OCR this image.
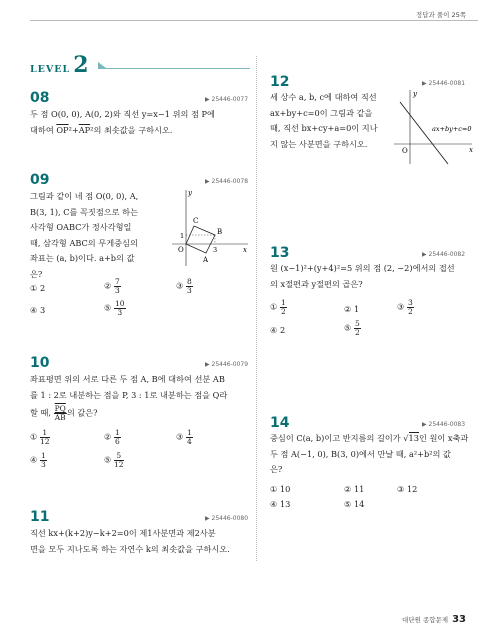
정답과 풀이 25쪽
LEVEL 2
08	▶ 25446-0077
두 점 O(0, 0), A(0, 2)와 직선 y=x−1 위의 점 P에
대하여 $\overline{OP}^2+\overline{AP}^2$의 최솟값을 구하시오.
09	▶ 25446-0078
그림과 같이 네 점 O(0, 0), A,
B(3, 1), C를 꼭짓점으로 하는
사각형 OABC가 정사각형일
때, 삼각형 ABC의 무게중심의
좌표는 (a, b)이다. a+b의 값
은?
y
x
O
A
B
C
1
3
① 2	② $\frac{7}{3}$	③ $\frac{8}{3}$
④ 3	⑤ $\frac{10}{3}$
10	▶ 25446-0079
좌표평면 위의 서로 다른 두 점 A, B에 대하여 선분 AB
를 1 : 2로 내분하는 점을 P, 3 : 1로 내분하는 점을 Q라
할 때, $\frac{\overline{PQ}}{AB}$ 의 값은?
① $\frac{1}{12}$	② $\frac{1}{6}$	③ $\frac{1}{4}$
④ $\frac{1}{3}$	⑤ $\frac{5}{12}$
11	▶ 25446-0080
직선 kx+(k+2)y−k+2=0이 제1사분면과 제2사분
면을 모두 지나도록 하는 자연수 k의 최솟값을 구하시오.
12	▶ 25446-0081
세 상수 a, b, c에 대하여 직선
ax+by+c=0이 그림과 같을
때, 직선 bx+cy+a=0이 지나
지 않는 사분면을 구하시오.
y
x
O
ax+by+c=0
13	▶ 25446-0082
원 (x−1)²+(y+4)²=5 위의 점 (2, −2)에서의 접선
의 x절편과 y절편의 곱은?
① $\frac{1}{2}$	② 1	③ $\frac{3}{2}$
④ 2	⑤ $\frac{5}{2}$
14	▶ 25446-0083
중심이 C(a, b)이고 반지름의 길이가 √13인 원이 x축과
두 점 A(−1, 0), B(3, 0)에서 만날 때, a²+b²의 값
은?
① 10	② 11	③ 12
④ 13	⑤ 14
대단원 종합문제 33
